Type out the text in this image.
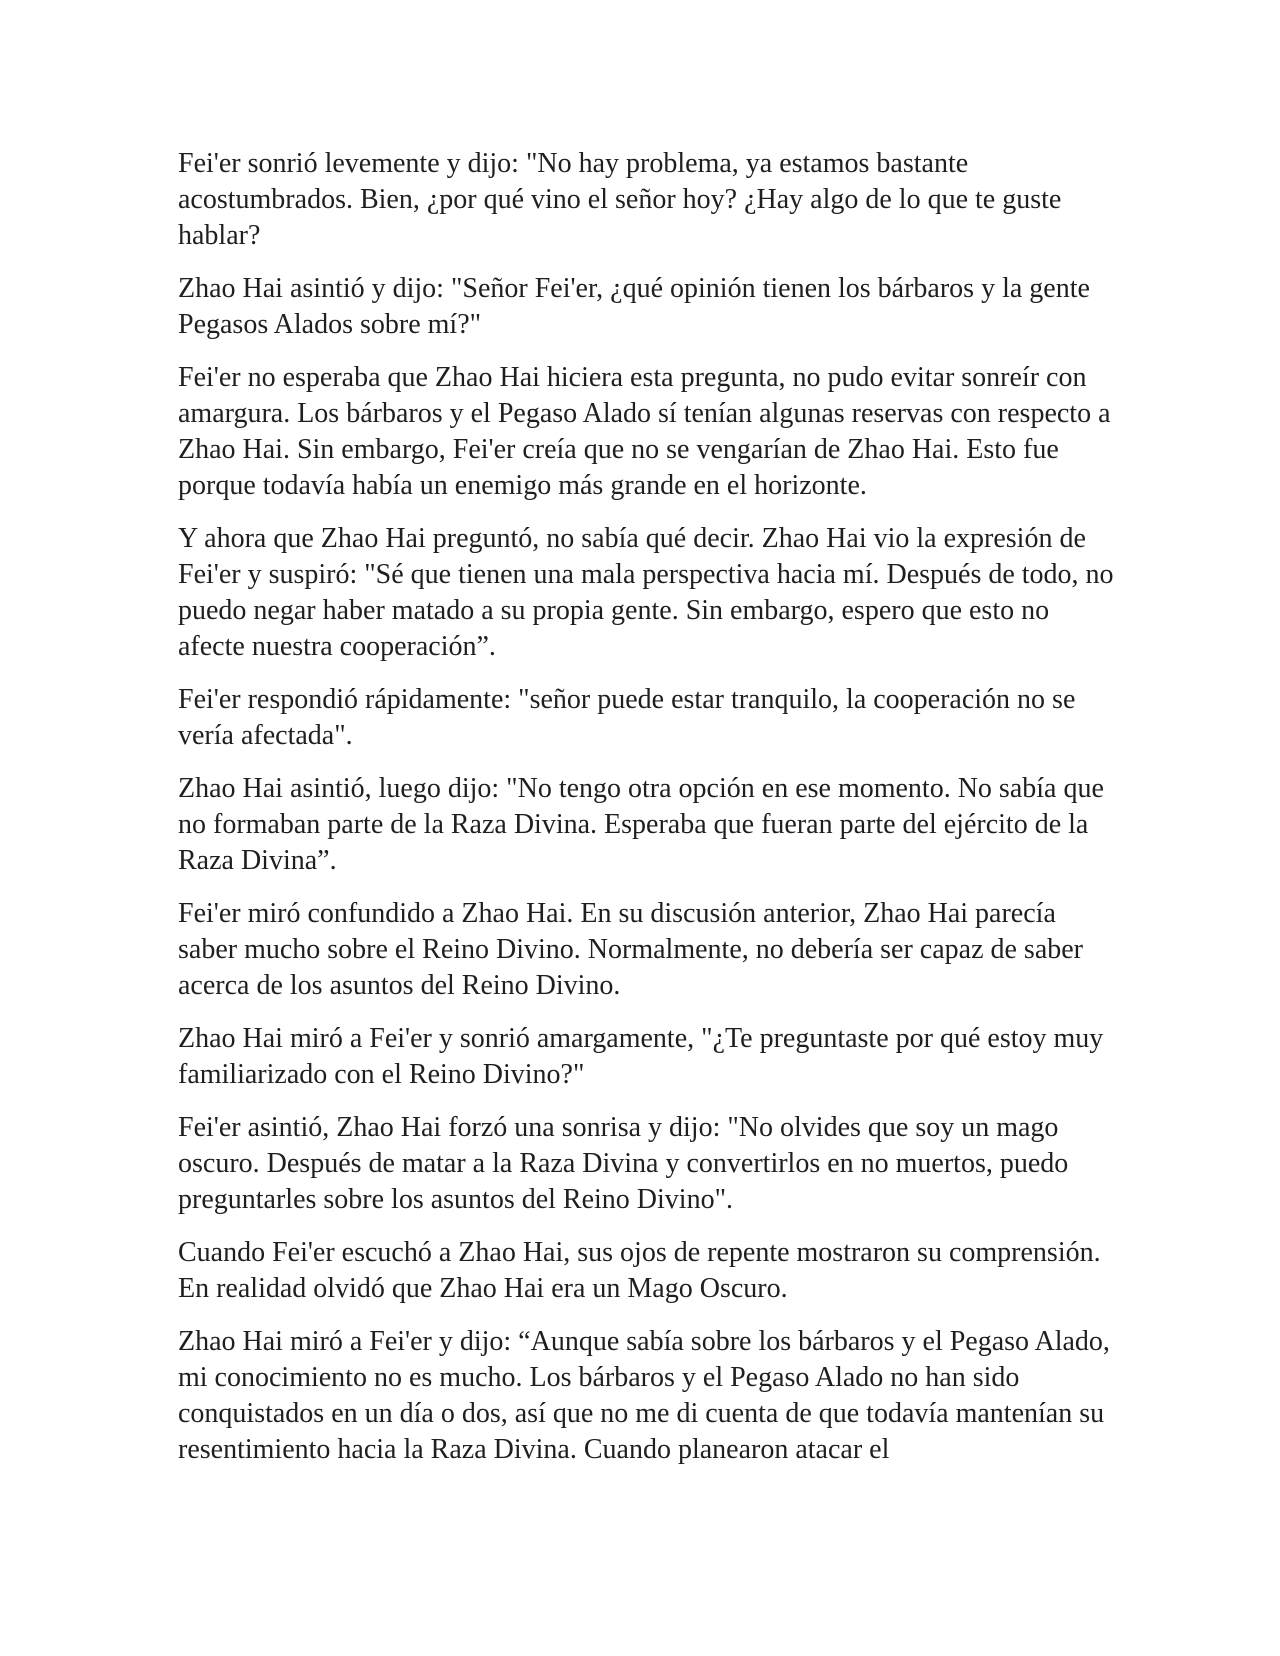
Fei'er sonrió levemente y dijo: "No hay problema, ya estamos bastante acostumbrados. Bien, ¿por qué vino el señor hoy? ¿Hay algo de lo que te guste hablar?

Zhao Hai asintió y dijo: "Señor Fei'er, ¿qué opinión tienen los bárbaros y la gente Pegasos Alados sobre mí?"

Fei'er no esperaba que Zhao Hai hiciera esta pregunta, no pudo evitar sonreír con amargura. Los bárbaros y el Pegaso Alado sí tenían algunas reservas con respecto a Zhao Hai. Sin embargo, Fei'er creía que no se vengarían de Zhao Hai. Esto fue porque todavía había un enemigo más grande en el horizonte.

Y ahora que Zhao Hai preguntó, no sabía qué decir. Zhao Hai vio la expresión de Fei'er y suspiró: "Sé que tienen una mala perspectiva hacia mí. Después de todo, no puedo negar haber matado a su propia gente. Sin embargo, espero que esto no afecte nuestra cooperación”.

Fei'er respondió rápidamente: "señor puede estar tranquilo, la cooperación no se vería afectada".

Zhao Hai asintió, luego dijo: "No tengo otra opción en ese momento. No sabía que no formaban parte de la Raza Divina. Esperaba que fueran parte del ejército de la Raza Divina”.

Fei'er miró confundido a Zhao Hai. En su discusión anterior, Zhao Hai parecía saber mucho sobre el Reino Divino. Normalmente, no debería ser capaz de saber acerca de los asuntos del Reino Divino.

Zhao Hai miró a Fei'er y sonrió amargamente, "¿Te preguntaste por qué estoy muy familiarizado con el Reino Divino?"

Fei'er asintió, Zhao Hai forzó una sonrisa y dijo: "No olvides que soy un mago oscuro. Después de matar a la Raza Divina y convertirlos en no muertos, puedo preguntarles sobre los asuntos del Reino Divino".

Cuando Fei'er escuchó a Zhao Hai, sus ojos de repente mostraron su comprensión. En realidad olvidó que Zhao Hai era un Mago Oscuro.

Zhao Hai miró a Fei'er y dijo: “Aunque sabía sobre los bárbaros y el Pegaso Alado, mi conocimiento no es mucho. Los bárbaros y el Pegaso Alado no han sido conquistados en un día o dos, así que no me di cuenta de que todavía mantenían su resentimiento hacia la Raza Divina. Cuando planearon atacar el
